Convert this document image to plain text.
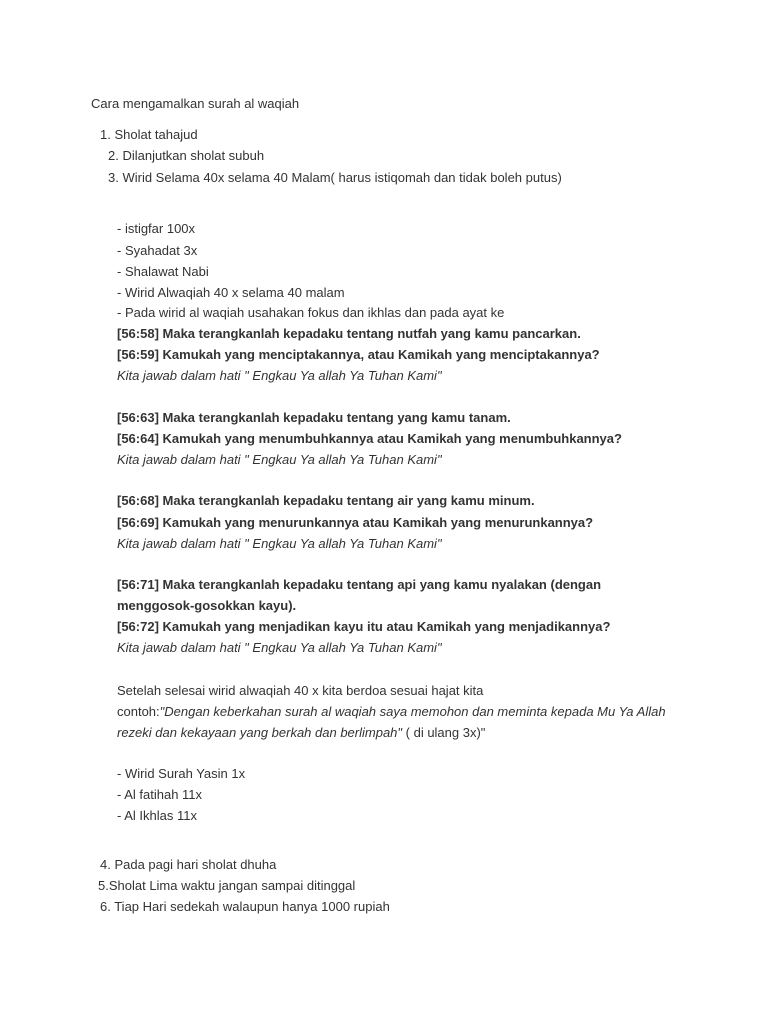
Cara mengamalkan surah al waqiah
1. Sholat tahajud
2. Dilanjutkan sholat subuh
3. Wirid Selama 40x selama 40 Malam( harus istiqomah dan tidak boleh putus)
- istigfar 100x
- Syahadat 3x
- Shalawat Nabi
- Wirid Alwaqiah 40 x selama 40 malam
- Pada wirid al waqiah usahakan fokus dan ikhlas dan pada ayat ke
[56:58] Maka terangkanlah kepadaku tentang nutfah yang kamu pancarkan.
[56:59] Kamukah yang menciptakannya, atau Kamikah yang menciptakannya?
Kita jawab dalam hati " Engkau Ya allah Ya Tuhan Kami"
[56:63] Maka terangkanlah kepadaku tentang yang kamu tanam.
[56:64] Kamukah yang menumbuhkannya atau Kamikah yang menumbuhkannya?
Kita jawab dalam hati " Engkau Ya allah Ya Tuhan Kami"
[56:68] Maka terangkanlah kepadaku tentang air yang kamu minum.
[56:69] Kamukah yang menurunkannya atau Kamikah yang menurunkannya?
Kita jawab dalam hati " Engkau Ya allah Ya Tuhan Kami"
[56:71] Maka terangkanlah kepadaku tentang api yang kamu nyalakan (dengan
menggosok-gosokkan kayu).
[56:72] Kamukah yang menjadikan kayu itu atau Kamikah yang menjadikannya?
Kita jawab dalam hati " Engkau Ya allah Ya Tuhan Kami"
Setelah selesai wirid alwaqiah 40 x kita berdoa sesuai hajat kita
contoh:"Dengan keberkahan surah al waqiah saya memohon dan meminta kepada Mu Ya Allah
rezeki dan kekayaan yang berkah dan berlimpah" ( di ulang 3x)"
- Wirid Surah Yasin 1x
- Al fatihah 11x
- Al Ikhlas 11x
4. Pada pagi hari sholat dhuha
5.Sholat Lima waktu jangan sampai ditinggal
6. Tiap Hari sedekah walaupun hanya 1000 rupiah
